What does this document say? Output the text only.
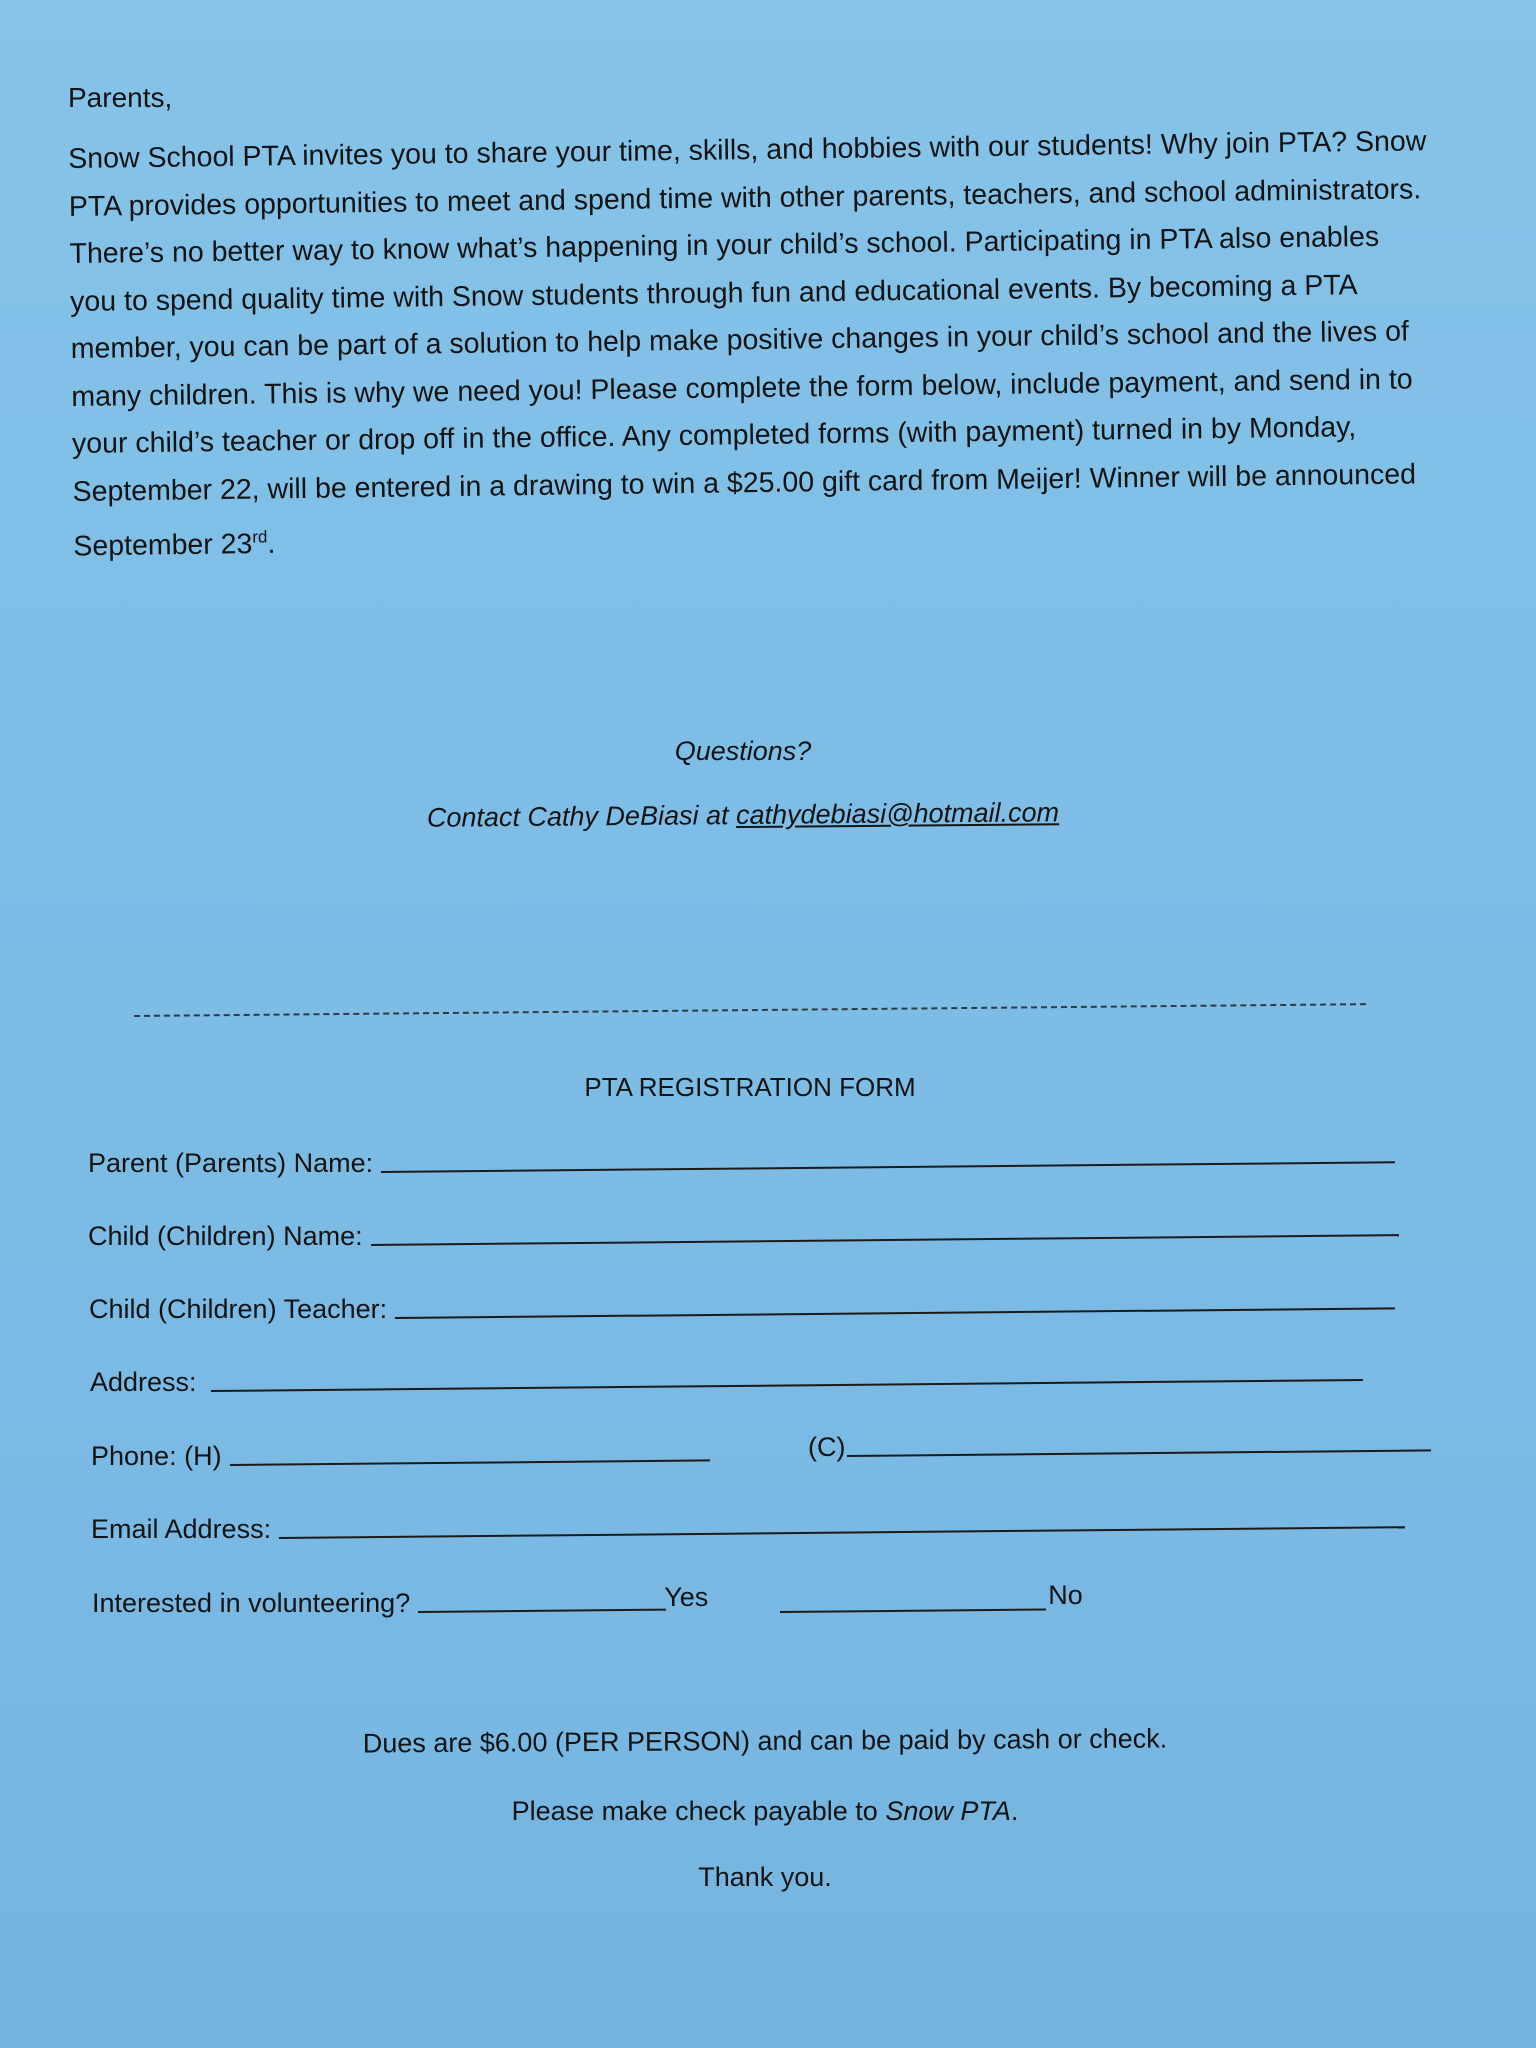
Parents,

Snow School PTA invites you to share your time, skills, and hobbies with our students! Why join PTA? Snow PTA provides opportunities to meet and spend time with other parents, teachers, and school administrators. There’s no better way to know what’s happening in your child’s school. Participating in PTA also enables you to spend quality time with Snow students through fun and educational events. By becoming a PTA member, you can be part of a solution to help make positive changes in your child’s school and the lives of many children. This is why we need you! Please complete the form below, include payment, and send in to your child’s teacher or drop off in the office. Any completed forms (with payment) turned in by Monday, September 22, will be entered in a drawing to win a $25.00 gift card from Meijer! Winner will be announced September 23rd.

Questions?
Contact Cathy DeBiasi at cathydebiasi@hotmail.com
PTA REGISTRATION FORM
Parent (Parents) Name:
Child (Children) Name:
Child (Children) Teacher:
Address:
Phone: (H)	(C)
Email Address:
Interested in volunteering?	Yes	No
Dues are $6.00 (PER PERSON) and can be paid by cash or check.
Please make check payable to Snow PTA.
Thank you.
